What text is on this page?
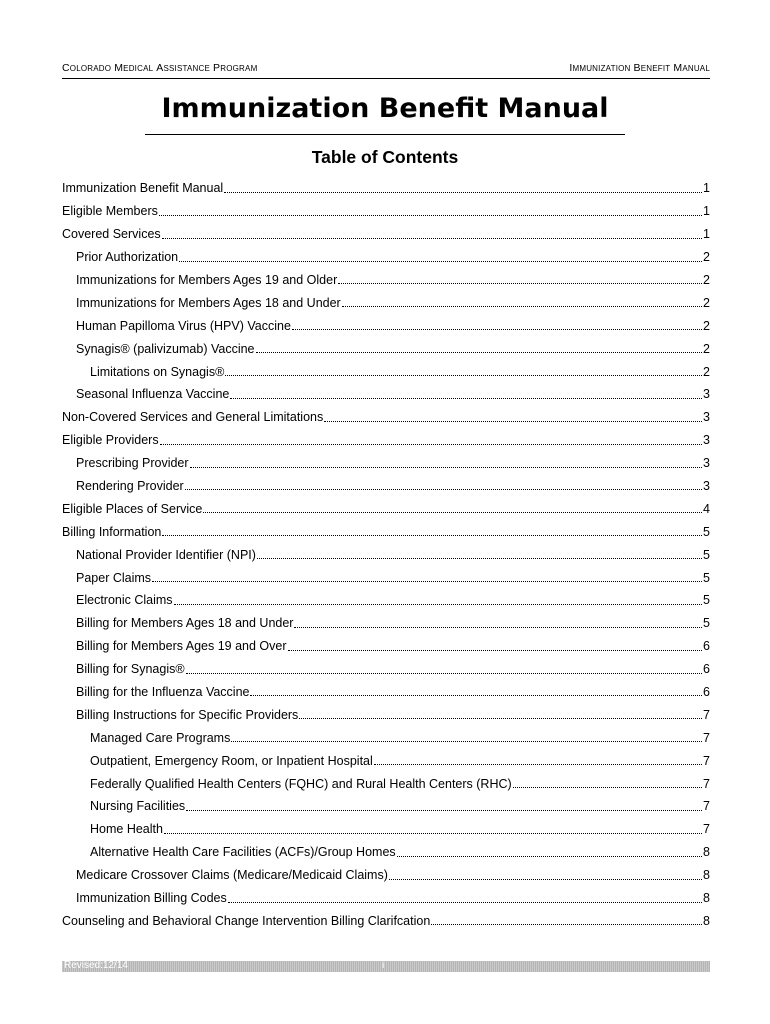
COLORADO MEDICAL ASSISTANCE PROGRAM	IMMUNIZATION BENEFIT MANUAL
Immunization Benefit Manual
Table of Contents
Immunization Benefit Manual	1
Eligible Members	1
Covered Services	1
Prior Authorization	2
Immunizations for Members Ages 19 and Older	2
Immunizations for Members Ages 18 and Under	2
Human Papilloma Virus (HPV) Vaccine	2
Synagis® (palivizumab) Vaccine	2
Limitations on Synagis®	2
Seasonal Influenza Vaccine	3
Non-Covered Services and General Limitations	3
Eligible Providers	3
Prescribing Provider	3
Rendering Provider	3
Eligible Places of Service	4
Billing Information	5
National Provider Identifier (NPI)	5
Paper Claims	5
Electronic Claims	5
Billing for Members Ages 18 and Under	5
Billing for Members Ages 19 and Over	6
Billing for Synagis®	6
Billing for the Influenza Vaccine	6
Billing Instructions for Specific Providers	7
Managed Care Programs	7
Outpatient, Emergency Room, or Inpatient Hospital	7
Federally Qualified Health Centers (FQHC) and Rural Health Centers (RHC)	7
Nursing Facilities	7
Home Health	7
Alternative Health Care Facilities (ACFs)/Group Homes	8
Medicare Crossover Claims (Medicare/Medicaid Claims)	8
Immunization Billing Codes	8
Counseling and Behavioral Change Intervention Billing Clarifcation	8
Revised:12/14	i
